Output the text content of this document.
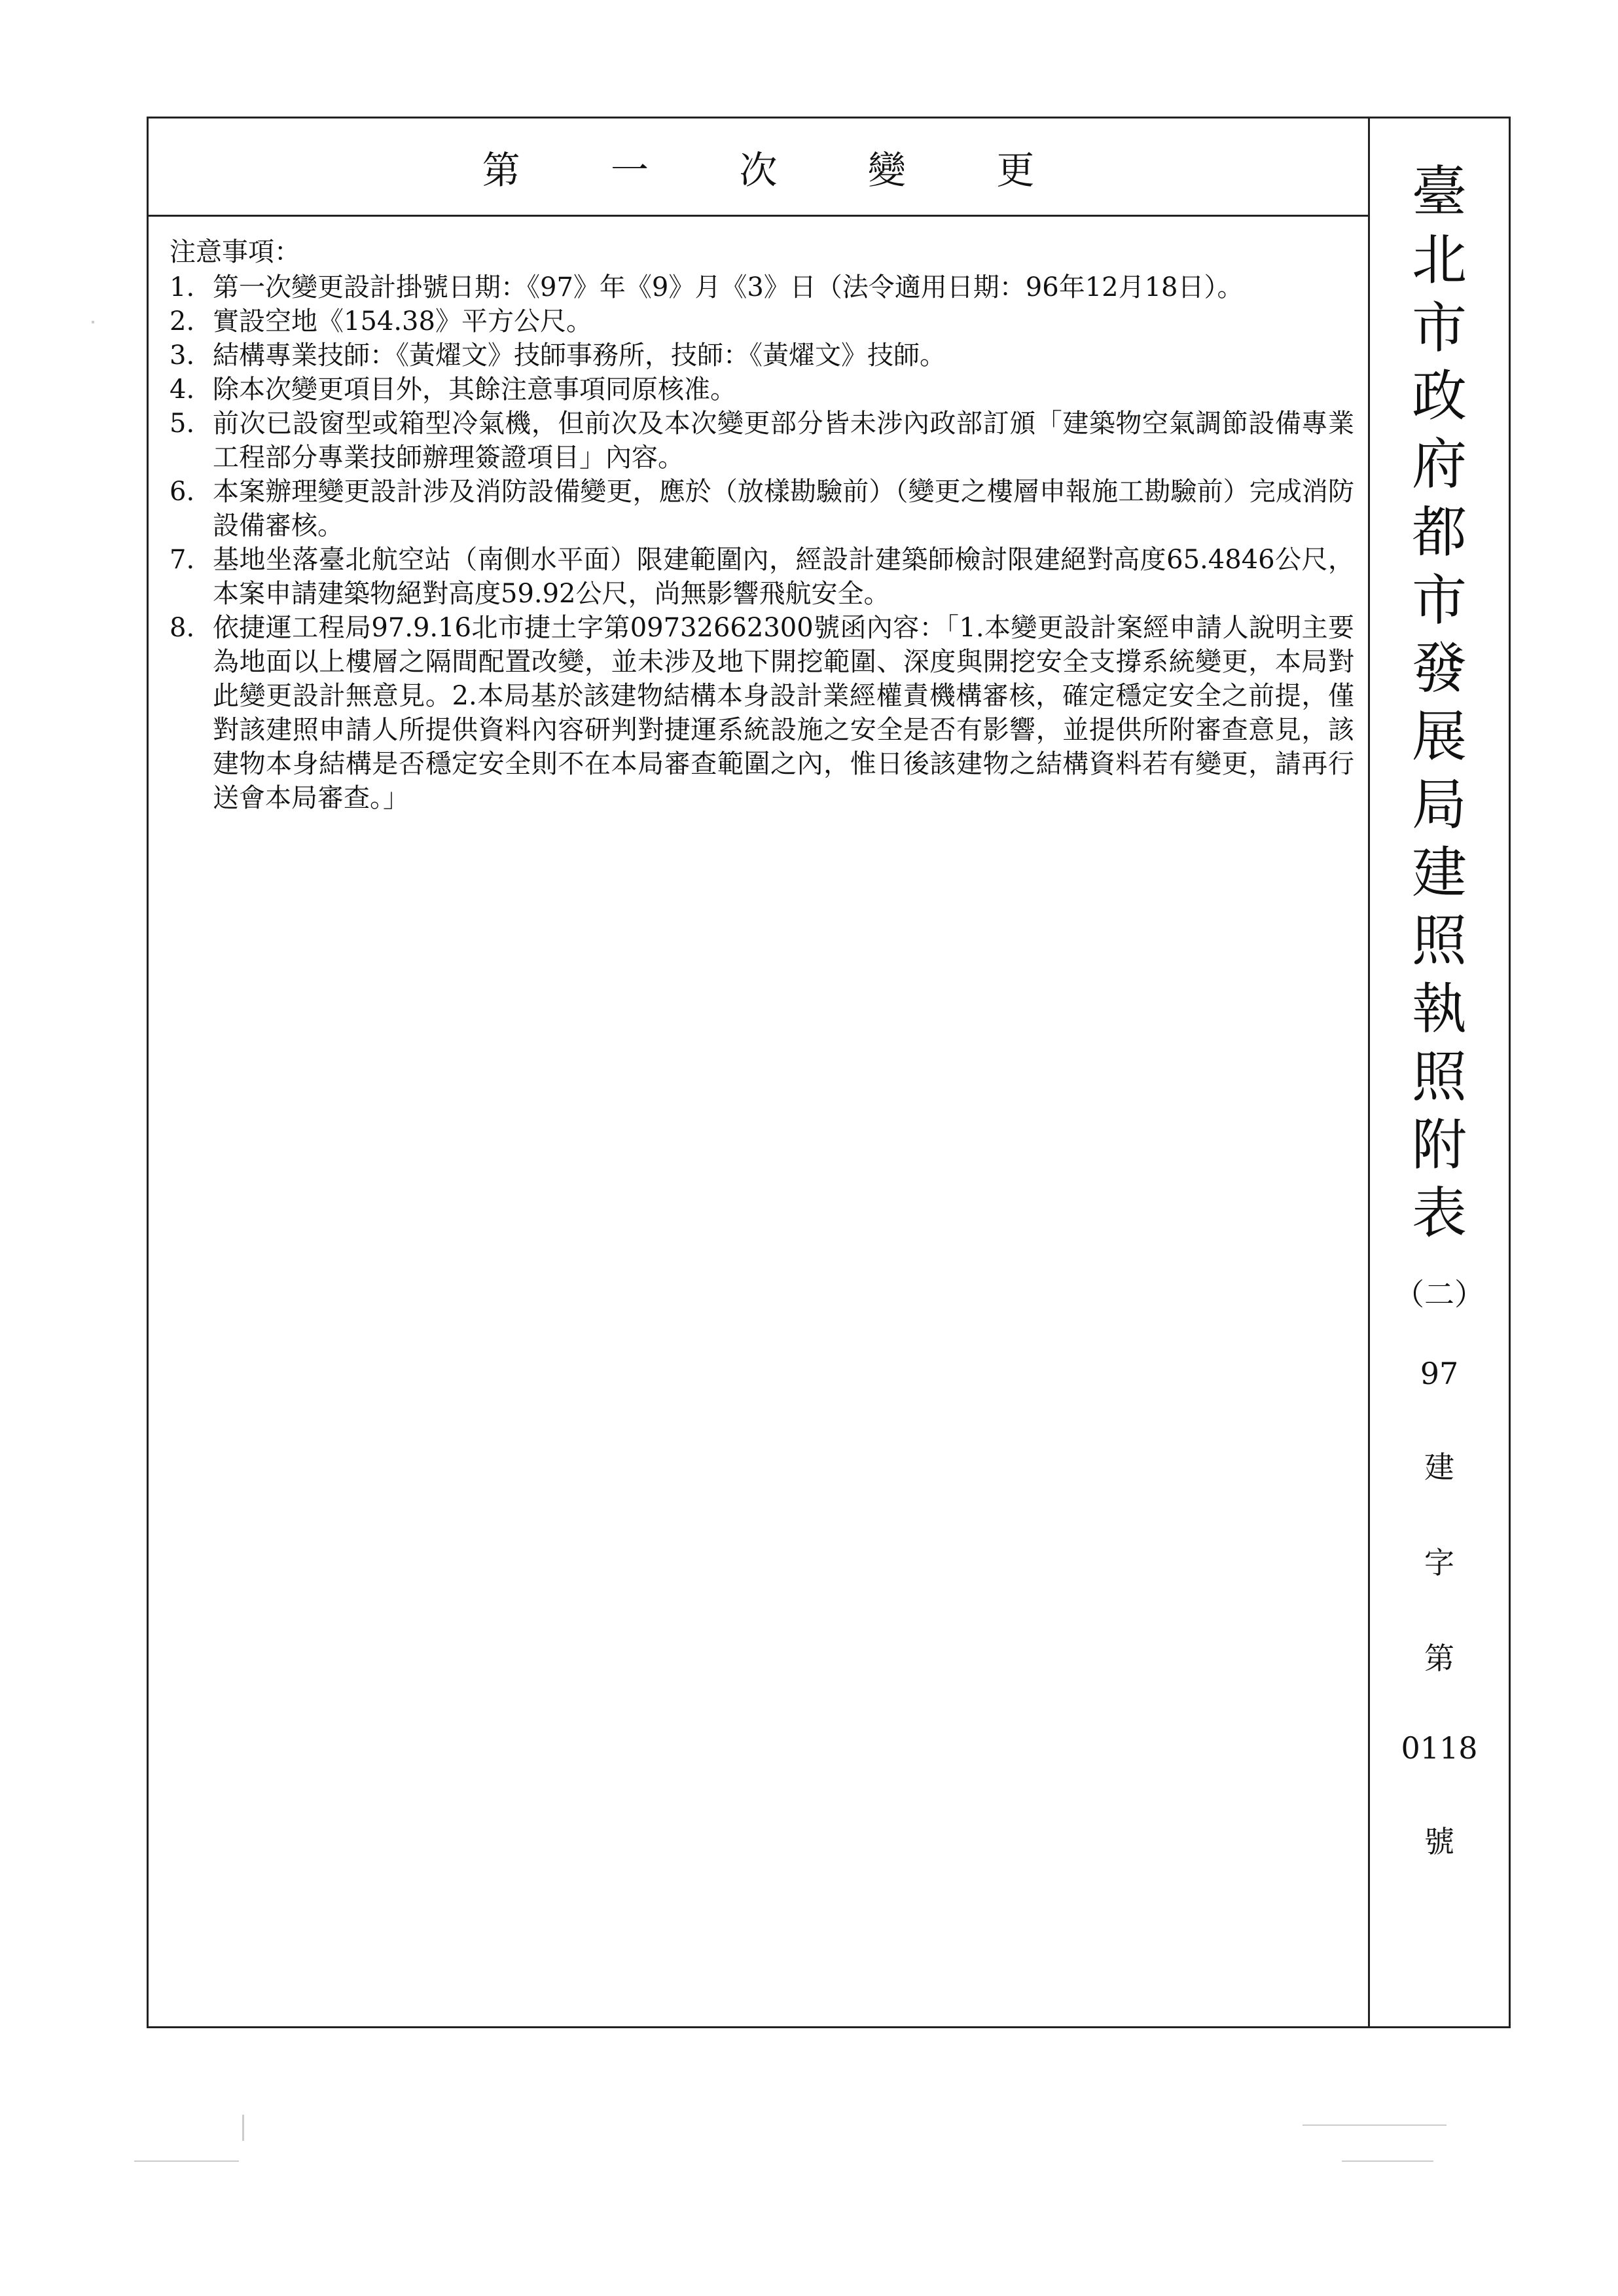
第 一 次 變 更
注意事項：
1. 第一次變更設計掛號日期：《97》年《9》月《3》日（法令適用日期：96年12月18日）。
2. 實設空地《154.38》平方公尺。
3. 結構專業技師：《黃燿文》技師事務所，技師：《黃燿文》技師。
4. 除本次變更項目外，其餘注意事項同原核准。
5. 前次已設窗型或箱型冷氣機，但前次及本次變更部分皆未涉內政部訂頒「建築物空氣調節設備專業工程部分專業技師辦理簽證項目」內容。
6. 本案辦理變更設計涉及消防設備變更，應於（放樣勘驗前）（變更之樓層申報施工勘驗前）完成消防設備審核。
7. 基地坐落臺北航空站（南側水平面）限建範圍內，經設計建築師檢討限建絕對高度65.4846公尺，本案申請建築物絕對高度59.92公尺，尚無影響飛航安全。
8. 依捷運工程局97.9.16北市捷土字第09732662300號函內容：「1.本變更設計案經申請人說明主要為地面以上樓層之隔間配置改變，並未涉及地下開挖範圍、深度與開挖安全支撐系統變更，本局對此變更設計無意見。2.本局基於該建物結構本身設計業經權責機構審核，確定穩定安全之前提，僅對該建照申請人所提供資料內容研判對捷運系統設施之安全是否有影響，並提供所附審查意見，該建物本身結構是否穩定安全則不在本局審查範圍之內，惟日後該建物之結構資料若有變更，請再行送會本局審查。」
臺
北
市
政
府
都
市
發
展
局
建
照
執
照
附
表
（二）
97
建
字
第
0118
號
